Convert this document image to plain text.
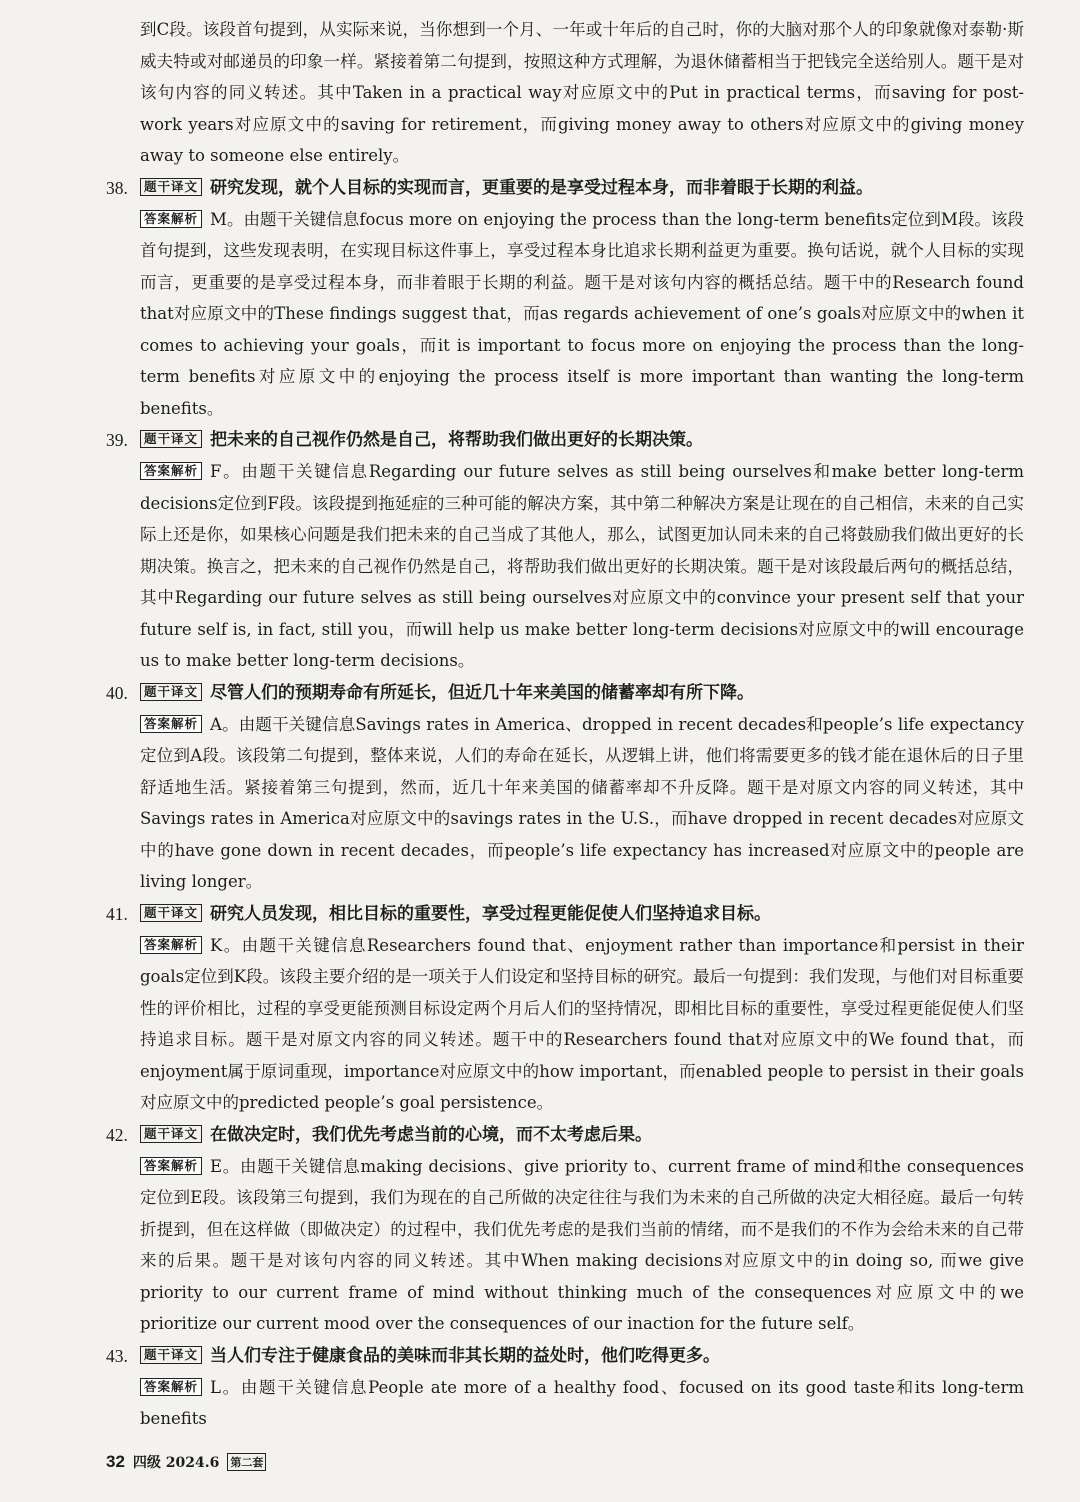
到C段。该段首句提到，从实际来说，当你想到一个月、一年或十年后的自己时，你的大脑对那个人的印象就像对泰勒·斯威夫特或对邮递员的印象一样。紧接着第二句提到，按照这种方式理解，为退休储蓄相当于把钱完全送给别人。题干是对该句内容的同义转述。其中Taken in a practical way对应原文中的Put in practical terms，而saving for post-work years对应原文中的saving for retirement，而giving money away to others对应原文中的giving money away to someone else entirely。
38. 题干译文 研究发现，就个人目标的实现而言，更重要的是享受过程本身，而非着眼于长期的利益。
答案解析 M。由题干关键信息focus more on enjoying the process than the long-term benefits定位到M段。该段首句提到，这些发现表明，在实现目标这件事上，享受过程本身比追求长期利益更为重要。换句话说，就个人目标的实现而言，更重要的是享受过程本身，而非着眼于长期的利益。题干是对该句内容的概括总结。题干中的Research found that对应原文中的These findings suggest that，而as regards achievement of one’s goals对应原文中的when it comes to achieving your goals，而it is important to focus more on enjoying the process than the long-term benefits对应原文中的enjoying the process itself is more important than wanting the long-term benefits。
39. 题干译文 把未来的自己视作仍然是自己，将帮助我们做出更好的长期决策。
答案解析 F。由题干关键信息Regarding our future selves as still being ourselves和make better long-term decisions定位到F段。该段提到拖延症的三种可能的解决方案，其中第二种解决方案是让现在的自己相信，未来的自己实际上还是你，如果核心问题是我们把未来的自己当成了其他人，那么，试图更加认同未来的自己将鼓励我们做出更好的长期决策。换言之，把未来的自己视作仍然是自己，将帮助我们做出更好的长期决策。题干是对该段最后两句的概括总结，其中Regarding our future selves as still being ourselves对应原文中的convince your present self that your future self is, in fact, still you，而will help us make better long-term decisions对应原文中的will encourage us to make better long-term decisions。
40. 题干译文 尽管人们的预期寿命有所延长，但近几十年来美国的储蓄率却有所下降。
答案解析 A。由题干关键信息Savings rates in America、dropped in recent decades和people’s life expectancy定位到A段。该段第二句提到，整体来说，人们的寿命在延长，从逻辑上讲，他们将需要更多的钱才能在退休后的日子里舒适地生活。紧接着第三句提到，然而，近几十年来美国的储蓄率却不升反降。题干是对原文内容的同义转述，其中Savings rates in America对应原文中的savings rates in the U.S.，而have dropped in recent decades对应原文中的have gone down in recent decades，而people’s life expectancy has increased对应原文中的people are living longer。
41. 题干译文 研究人员发现，相比目标的重要性，享受过程更能促使人们坚持追求目标。
答案解析 K。由题干关键信息Researchers found that、enjoyment rather than importance和persist in their goals定位到K段。该段主要介绍的是一项关于人们设定和坚持目标的研究。最后一句提到：我们发现，与他们对目标重要性的评价相比，过程的享受更能预测目标设定两个月后人们的坚持情况，即相比目标的重要性，享受过程更能促使人们坚持追求目标。题干是对原文内容的同义转述。题干中的Researchers found that对应原文中的We found that，而enjoyment属于原词重现，importance对应原文中的how important，而enabled people to persist in their goals对应原文中的predicted people’s goal persistence。
42. 题干译文 在做决定时，我们优先考虑当前的心境，而不太考虑后果。
答案解析 E。由题干关键信息making decisions、give priority to、current frame of mind和the consequences定位到E段。该段第三句提到，我们为现在的自己所做的决定往往与我们为未来的自己所做的决定大相径庭。最后一句转折提到，但在这样做（即做决定）的过程中，我们优先考虑的是我们当前的情绪，而不是我们的不作为会给未来的自己带来的后果。题干是对该句内容的同义转述。其中When making decisions对应原文中的in doing so, 而we give priority to our current frame of mind without thinking much of the consequences对应原文中的we prioritize our current mood over the consequences of our inaction for the future self。
43. 题干译文 当人们专注于健康食品的美味而非其长期的益处时，他们吃得更多。
答案解析 L。由题干关键信息People ate more of a healthy food、focused on its good taste和its long-term benefits
32 四级 2024.6 第二套
